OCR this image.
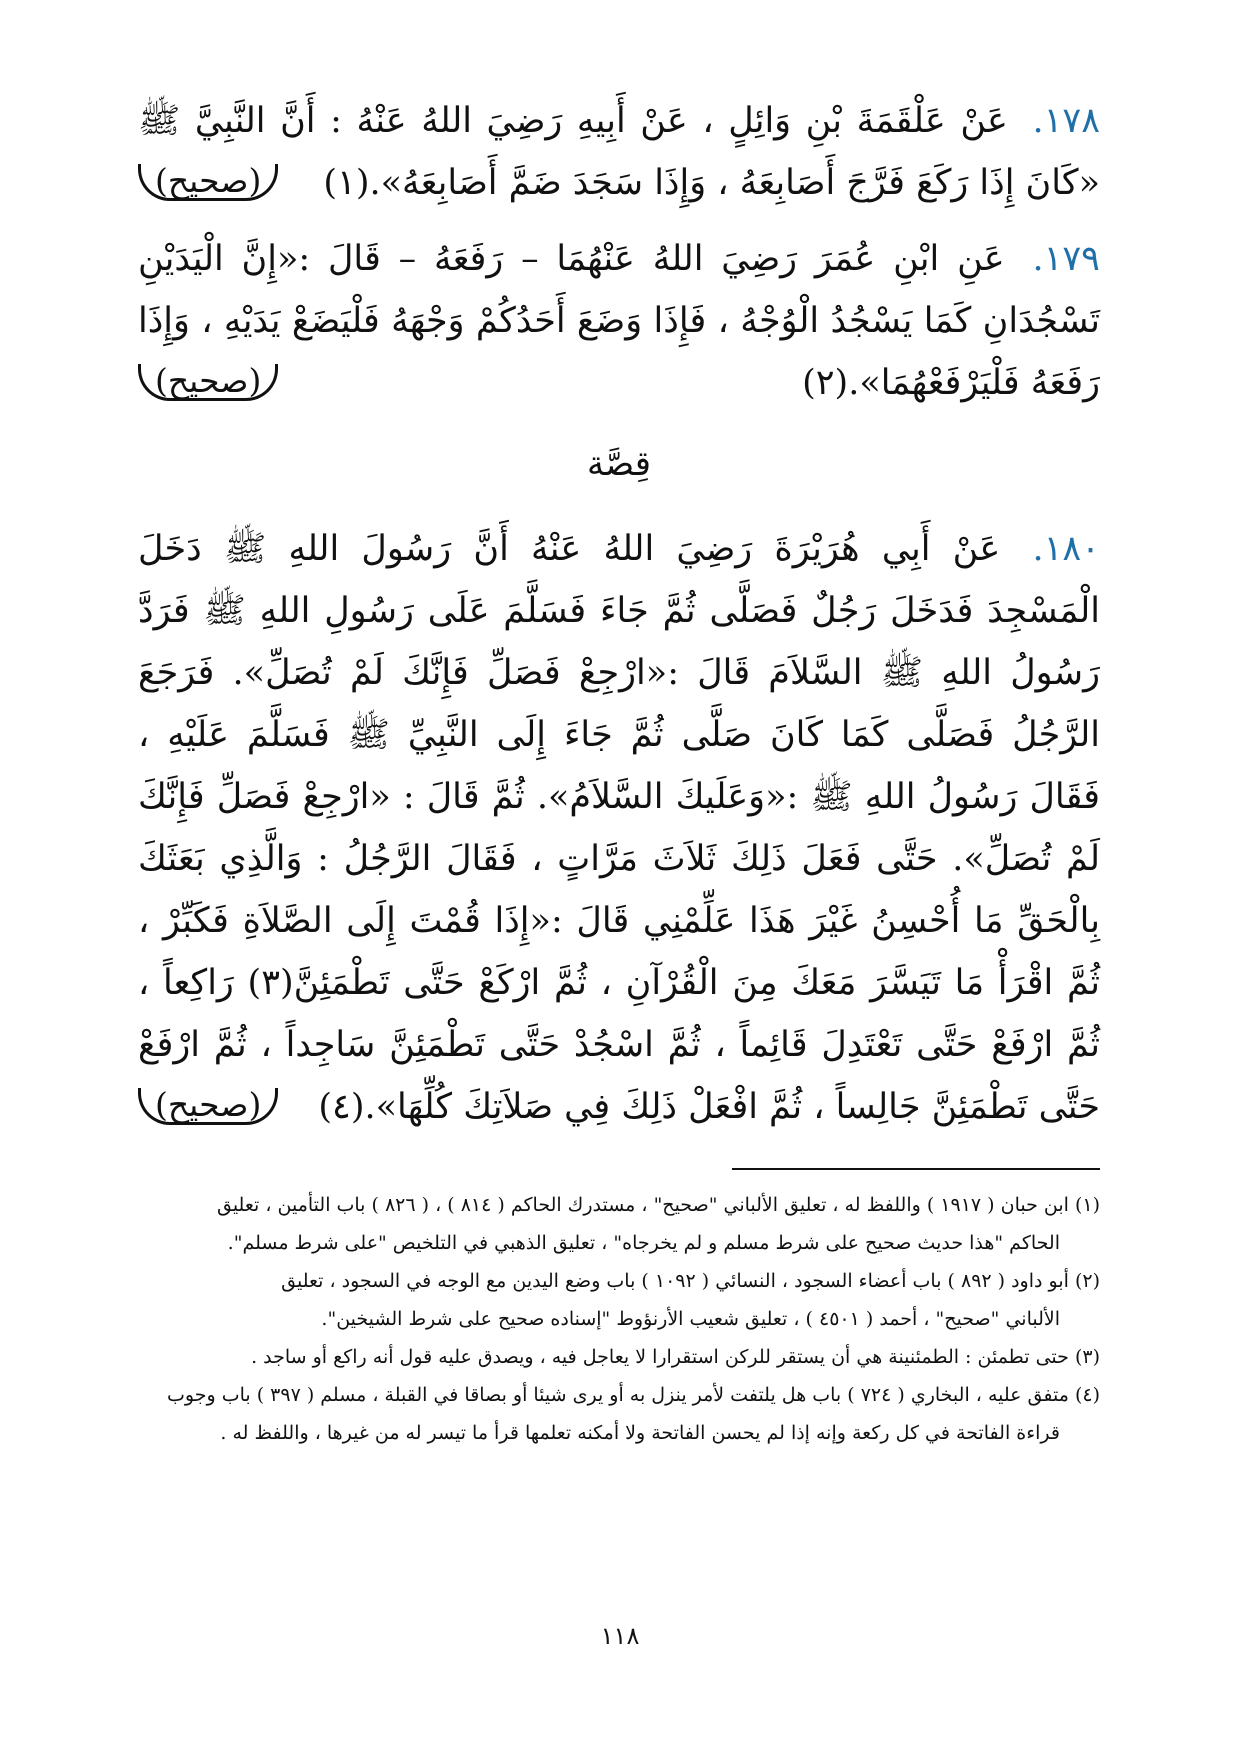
١٧٨. عَنْ عَلْقَمَةَ بْنِ وَائِلٍ ، عَنْ أَبِيهِ رَضِيَ اللهُ عَنْهُ : أَنَّ النَّبِيَّ ﷺ «كَانَ إِذَا رَكَعَ فَرَّجَ أَصَابِعَهُ ، وَإِذَا سَجَدَ ضَمَّ أَصَابِعَهُ».(١)
(صحيح)

١٧٩. عَنِ ابْنِ عُمَرَ رَضِيَ اللهُ عَنْهُمَا – رَفَعَهُ – قَالَ :«إِنَّ الْيَدَيْنِ تَسْجُدَانِ كَمَا يَسْجُدُ الْوُجْهُ ، فَإِذَا وَضَعَ أَحَدُكُمْ وَجْهَهُ فَلْيَضَعْ يَدَيْهِ ، وَإِذَا رَفَعَهُ فَلْيَرْفَعْهُمَا».(٢)
(صحيح)

قِصَّة

١٨٠. عَنْ أَبِي هُرَيْرَةَ رَضِيَ اللهُ عَنْهُ أَنَّ رَسُولَ اللهِ ﷺ دَخَلَ الْمَسْجِدَ فَدَخَلَ رَجُلٌ فَصَلَّى ثُمَّ جَاءَ فَسَلَّمَ عَلَى رَسُولِ اللهِ ﷺ فَرَدَّ رَسُولُ اللهِ ﷺ السَّلاَمَ قَالَ :«ارْجِعْ فَصَلِّ فَإِنَّكَ لَمْ تُصَلِّ». فَرَجَعَ الرَّجُلُ فَصَلَّى كَمَا كَانَ صَلَّى ثُمَّ جَاءَ إِلَى النَّبِيِّ ﷺ فَسَلَّمَ عَلَيْهِ ، فَقَالَ رَسُولُ اللهِ ﷺ :«وَعَلَيكَ السَّلاَمُ». ثُمَّ قَالَ : «ارْجِعْ فَصَلِّ فَإِنَّكَ لَمْ تُصَلِّ». حَتَّى فَعَلَ ذَلِكَ ثَلاَثَ مَرَّاتٍ ، فَقَالَ الرَّجُلُ : وَالَّذِي بَعَثَكَ بِالْحَقِّ مَا أُحْسِنُ غَيْرَ هَذَا عَلِّمْنِي قَالَ :«إِذَا قُمْتَ إِلَى الصَّلاَةِ فَكَبِّرْ ، ثُمَّ اقْرَأْ مَا تَيَسَّرَ مَعَكَ مِنَ الْقُرْآنِ ، ثُمَّ ارْكَعْ حَتَّى تَطْمَئِنَّ(٣) رَاكِعاً ، ثُمَّ ارْفَعْ حَتَّى تَعْتَدِلَ قَائِماً ، ثُمَّ اسْجُدْ حَتَّى تَطْمَئِنَّ سَاجِداً ، ثُمَّ ارْفَعْ حَتَّى تَطْمَئِنَّ جَالِساً ، ثُمَّ افْعَلْ ذَلِكَ فِي صَلاَتِكَ كُلِّهَا».(٤)
(صحيح)

(١) ابن حبان ( ١٩١٧ ) واللفظ له ، تعليق الألباني "صحيح" ، مستدرك الحاكم ( ٨١٤ ) ، ( ٨٢٦ ) باب التأمين ، تعليق
الحاكم "هذا حديث صحيح على شرط مسلم و لم يخرجاه" ، تعليق الذهبي في التلخيص "على شرط مسلم".
(٢) أبو داود ( ٨٩٢ ) باب أعضاء السجود ، النسائي ( ١٠٩٢ ) باب وضع اليدين مع الوجه في السجود ، تعليق
الألباني "صحيح" ، أحمد ( ٤٥٠١ ) ، تعليق شعيب الأرنؤوط "إسناده صحيح على شرط الشيخين".
(٣) حتى تطمئن : الطمئنينة هي أن يستقر للركن استقرارا لا يعاجل فيه ، ويصدق عليه قول أنه راكع أو ساجد .
(٤) متفق عليه ، البخاري ( ٧٢٤ ) باب هل يلتفت لأمر ينزل به أو يرى شيئا أو بصاقا في القبلة ، مسلم ( ٣٩٧ ) باب وجوب
قراءة الفاتحة في كل ركعة وإنه إذا لم يحسن الفاتحة ولا أمكنه تعلمها قرأ ما تيسر له من غيرها ، واللفظ له .
١١٨
